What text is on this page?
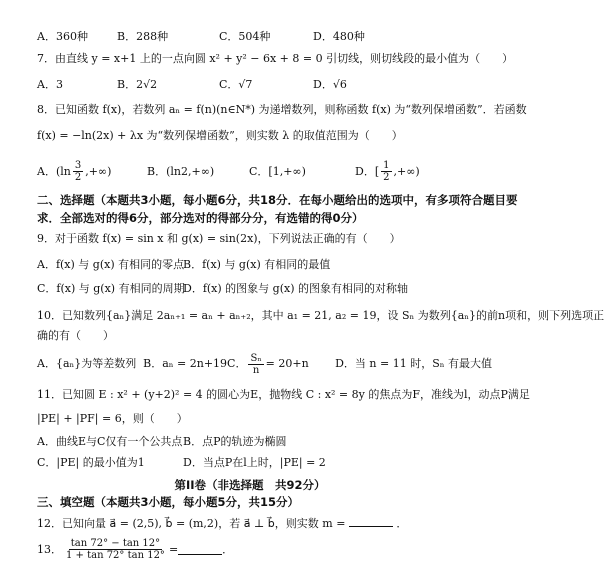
A．360种	B．288种	C．504种	D．480种
7．由直线 y = x+1 上的一点向圆 x² + y² − 6x + 8 = 0 引切线，则切线段的最小值为（　　）
A．3	B．2√2	C．√7	D．√6
8．已知函数 f(x)，若数列 aₙ = f(n)(n∈N*) 为递增数列，则称函数 f(x) 为“数列保增函数”．若函数
f(x) = −ln(2x) + λx 为“数列保增函数”，则实数 λ 的取值范围为（　　）
A．($\ln \frac{3}{2}$ ,+∞)	B．(ln2,+∞)	C．[1,+∞)	D．[ $\frac{1}{2}$ ,+∞)
二、选择题（本题共3小题，每小题6分，共18分．在每小题给出的选项中，有多项符合题目要
求．全部选对的得6分，部分选对的得部分分，有选错的得0分）
9．对于函数 f(x) = sin x 和 g(x) = sin(2x)，下列说法正确的有（　　）
A．f(x) 与 g(x) 有相同的零点
B．f(x) 与 g(x) 有相同的最值
C．f(x) 与 g(x) 有相同的周期
D．f(x) 的图象与 g(x) 的图象有相同的对称轴
10．已知数列{aₙ}满足 2aₙ₊₁ = aₙ + aₙ₊₂，其中 a₁ = 21, a₂ = 19，设 Sₙ 为数列{aₙ}的前n项和，则下列选项正
确的有（　　）
A．{aₙ}为等差数列 B．aₙ = 2n+19 C． $\frac{\text{Sₙ}}{n} = 20+n$ D．当 n = 11 时，Sₙ 有最大值
11．已知圆 E : x² + (y+2)² = 4 的圆心为E，抛物线 C : x² = 8y 的焦点为F，准线为l，动点P满足
|PE| + |PF| = 6，则（　　）
A．曲线E与C仅有一个公共点 B．点P的轨迹为椭圆
C．|PE| 的最小值为1	D．当点P在l上时，|PE| = 2
第II卷（非选择题　共92分）
三、填空题（本题共3小题，每小题5分，共15分）
12．已知向量 a⃗ = (2,5), b⃗ = (m,2)，若 a⃗ ⊥ b⃗，则实数 m =	．
13． $\frac{\tan 72^\circ - \tan 12^\circ}{1 + \tan 72^\circ \tan 12^\circ}$ =	．
